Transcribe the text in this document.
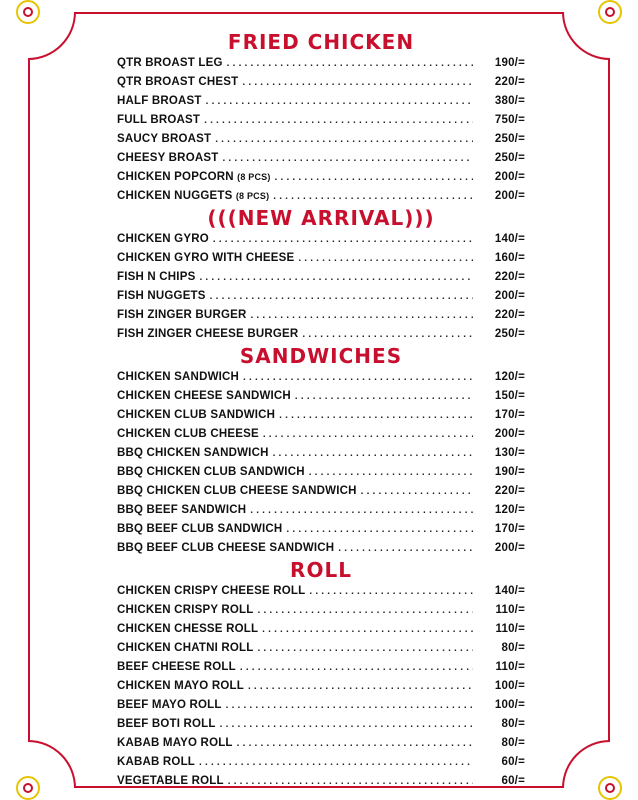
FRIED CHICKEN
QTR BROAST LEG . . .	190/=
QTR BROAST CHEST . . .	220/=
HALF BROAST . . .	380/=
FULL BROAST . . .	750/=
SAUCY BROAST . . .	250/=
CHEESY BROAST . . .	250/=
CHICKEN POPCORN (8 PCS) . . .	200/=
CHICKEN NUGGETS (8 PCS) . . .	200/=
(((NEW ARRIVAL)))
CHICKEN GYRO . . .	140/=
CHICKEN GYRO WITH CHEESE . . .	160/=
FISH N CHIPS . . .	220/=
FISH NUGGETS . . .	200/=
FISH ZINGER BURGER . . .	220/=
FISH ZINGER CHEESE BURGER . . .	250/=
SANDWICHES
CHICKEN SANDWICH . . .	120/=
CHICKEN CHEESE SANDWICH . . .	150/=
CHICKEN CLUB SANDWICH . . .	170/=
CHICKEN CLUB CHEESE . . .	200/=
BBQ CHICKEN SANDWICH . . .	130/=
BBQ CHICKEN CLUB SANDWICH . . .	190/=
BBQ CHICKEN CLUB CHEESE SANDWICH . . .	220/=
BBQ BEEF SANDWICH . . .	120/=
BBQ BEEF CLUB SANDWICH . . .	170/=
BBQ BEEF CLUB CHEESE SANDWICH . . .	200/=
ROLL
CHICKEN CRISPY CHEESE ROLL . . .	140/=
CHICKEN CRISPY ROLL . . .	110/=
CHICKEN CHESSE ROLL . . .	110/=
CHICKEN CHATNI ROLL . . .	80/=
BEEF CHEESE ROLL . . .	110/=
CHICKEN MAYO ROLL . . .	100/=
BEEF MAYO ROLL . . .	100/=
BEEF BOTI ROLL . . .	80/=
KABAB MAYO ROLL . . .	80/=
KABAB ROLL . . .	60/=
VEGETABLE ROLL . . .	60/=
